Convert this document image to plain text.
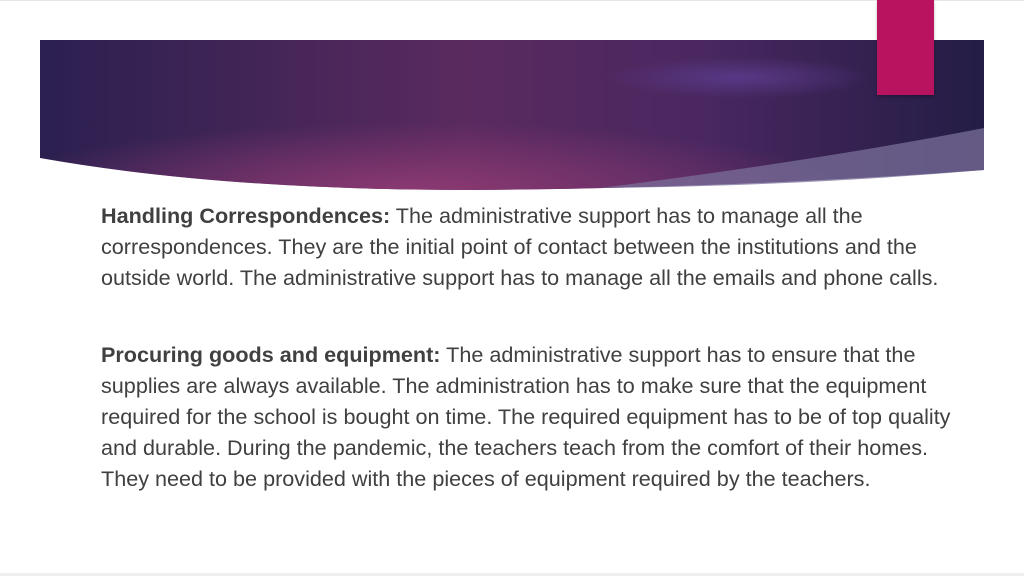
Handling Correspondences: The administrative support has to manage all the correspondences. They are the initial point of contact between the institutions and the outside world. The administrative support has to manage all the emails and phone calls.

Procuring goods and equipment: The administrative support has to ensure that the supplies are always available. The administration has to make sure that the equipment required for the school is bought on time. The required equipment has to be of top quality and durable. During the pandemic, the teachers teach from the comfort of their homes. They need to be provided with the pieces of equipment required by the teachers.
